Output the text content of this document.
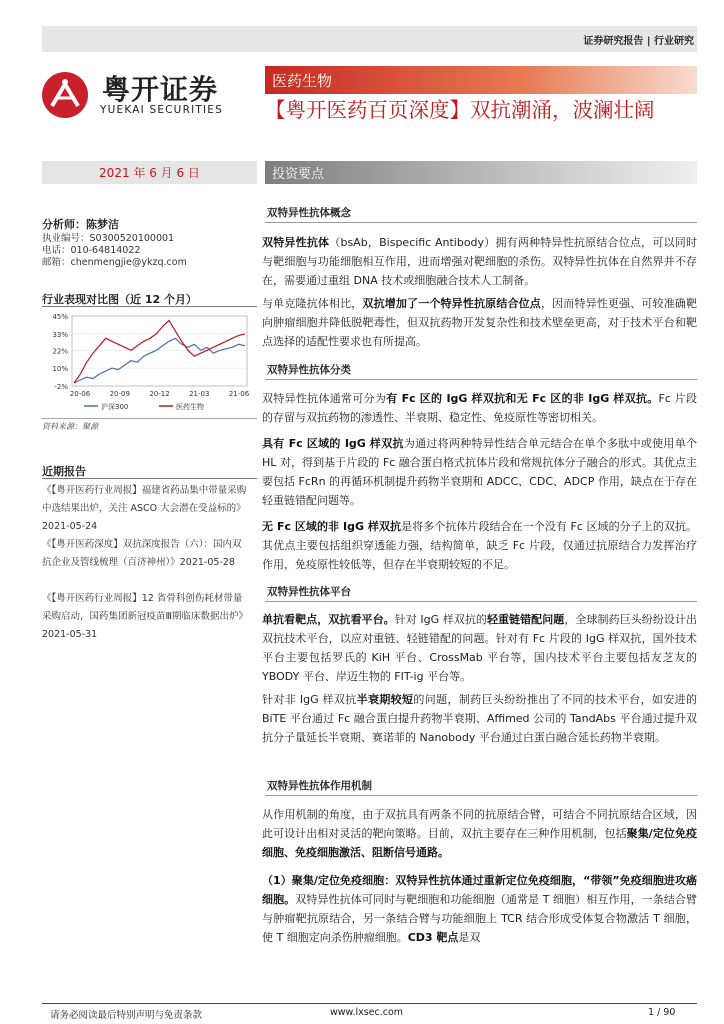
证券研究报告 | 行业研究
粤开证券
YUEKAI SECURITIES
医药生物
【粤开医药百页深度】双抗潮涌，波澜壮阔
2021 年 6 月 6 日	投资要点
分析师：陈梦洁
执业编号：S0300520100001
电话：010-64814022
邮箱：chenmengjie@ykzq.com
行业表现对比图（近 12 个月）
45%
33%
22%
10%
-2%
20-06	20-09	20-12	21-03	21-06
沪深300	医药生物
资料来源：聚源
近期报告
《【粤开医药行业周报】福建省药品集中带量采购中选结果出炉，关注 ASCO 大会潜在受益标的》2021-05-24
《【粤开医药深度】双抗深度报告（六）：国内双抗企业及管线梳理（百济神州）》2021-05-28
《【粤开医药行业周报】12 省骨科创伤耗材带量采购启动，国药集团新冠疫苗Ⅲ期临床数据出炉》2021-05-31
双特异性抗体概念
双特异性抗体（bsAb，Bispecific Antibody）拥有两种特异性抗原结合位点，可以同时与靶细胞与功能细胞相互作用，进而增强对靶细胞的杀伤。双特异性抗体在自然界并不存在，需要通过重组 DNA 技术或细胞融合技术人工制备。
与单克隆抗体相比，双抗增加了一个特异性抗原结合位点，因而特异性更强、可较准确靶向肿瘤细胞并降低脱靶毒性，但双抗药物开发复杂性和技术壁垒更高，对于技术平台和靶点选择的适配性要求也有所提高。
双特异性抗体分类
双特异性抗体通常可分为有 Fc 区的 IgG 样双抗和无 Fc 区的非 IgG 样双抗。Fc 片段的存留与双抗药物的渗透性、半衰期、稳定性、免疫原性等密切相关。
具有 Fc 区域的 IgG 样双抗为通过将两种特异性结合单元结合在单个多肽中或使用单个 HL 对，得到基于片段的 Fc 融合蛋白格式抗体片段和常规抗体分子融合的形式。其优点主要包括 FcRn 的再循环机制提升药物半衰期和 ADCC、CDC、ADCP 作用，缺点在于存在轻重链错配问题等。
无 Fc 区域的非 IgG 样双抗是将多个抗体片段结合在一个没有 Fc 区域的分子上的双抗。其优点主要包括组织穿透能力强，结构简单，缺乏 Fc 片段，仅通过抗原结合力发挥治疗作用，免疫原性较低等，但存在半衰期较短的不足。
双特异性抗体平台
单抗看靶点，双抗看平台。针对 IgG 样双抗的轻重链错配问题，全球制药巨头纷纷设计出双抗技术平台，以应对重链、轻链错配的问题。针对有 Fc 片段的 IgG 样双抗，国外技术平台主要包括罗氏的 KiH 平台、CrossMab 平台等，国内技术平台主要包括友芝友的 YBODY 平台、岸迈生物的 FIT-ig 平台等。
针对非 IgG 样双抗半衰期较短的问题，制药巨头纷纷推出了不同的技术平台，如安进的 BiTE 平台通过 Fc 融合蛋白提升药物半衰期、Affimed 公司的 TandAbs 平台通过提升双抗分子量延长半衰期、赛诺菲的 Nanobody 平台通过白蛋白融合延长药物半衰期。
双特异性抗体作用机制
从作用机制的角度，由于双抗具有两条不同的抗原结合臂，可结合不同抗原结合区域，因此可设计出相对灵活的靶向策略。目前，双抗主要存在三种作用机制，包括聚集/定位免疫细胞、免疫细胞激活、阻断信号通路。
（1）聚集/定位免疫细胞：双特异性抗体通过重新定位免疫细胞，“带领”免疫细胞进攻癌细胞。双特异性抗体可同时与靶细胞和功能细胞（通常是 T 细胞）相互作用，一条结合臂与肿瘤靶抗原结合，另一条结合臂与功能细胞上 TCR 结合形成受体复合物激活 T 细胞，使 T 细胞定向杀伤肿瘤细胞。CD3 靶点是双
请务必阅读最后特别声明与免责条款	www.lxsec.com	1 / 90
